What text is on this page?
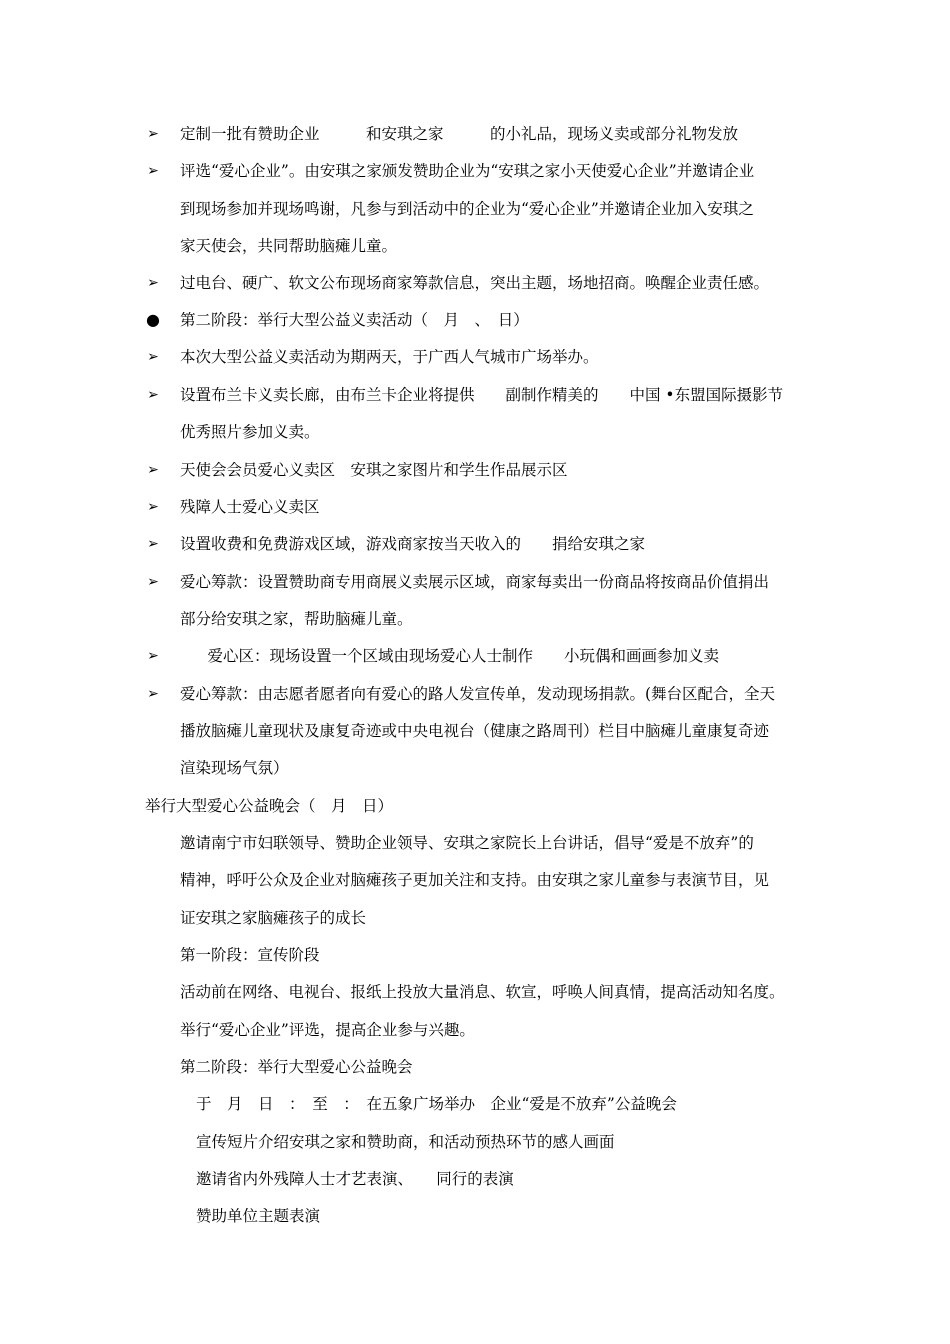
➢
➢
➢
●
➢
➢
➢
➢
➢
➢
➢
➢
定制一批有赞助企业　　　和安琪之家　　　的小礼品，现场义卖或部分礼物发放
评选“爱心企业”。由安琪之家颁发赞助企业为“安琪之家小天使爱心企业”并邀请企业
到现场参加并现场鸣谢，凡参与到活动中的企业为“爱心企业”并邀请企业加入安琪之
家天使会，共同帮助脑瘫儿童。
过电台、硬广、软文公布现场商家筹款信息，突出主题，场地招商。唤醒企业责任感。
第二阶段：举行大型公益义卖活动（　月　、　日）
本次大型公益义卖活动为期两天，于广西人气城市广场举办。
设置布兰卡义卖长廊，由布兰卡企业将提供　　副制作精美的　　中国 •东盟国际摄影节
优秀照片参加义卖。
天使会会员爱心义卖区　安琪之家图片和学生作品展示区
残障人士爱心义卖区
设置收费和免费游戏区域，游戏商家按当天收入的　　捐给安琪之家
爱心筹款：设置赞助商专用商展义卖展示区域，商家每卖出一份商品将按商品价值捐出
部分给安琪之家，帮助脑瘫儿童。
　爱心区：现场设置一个区域由现场爱心人士制作　　小玩偶和画画参加义卖
爱心筹款：由志愿者愿者向有爱心的路人发宣传单，发动现场捐款。(舞台区配合，全天
播放脑瘫儿童现状及康复奇迹或中央电视台（健康之路周刊）栏目中脑瘫儿童康复奇迹
渲染现场气氛）
举行大型爱心公益晚会（　月　日）
邀请南宁市妇联领导、赞助企业领导、安琪之家院长上台讲话，倡导“爱是不放弃”的
精神，呼吁公众及企业对脑瘫孩子更加关注和支持。由安琪之家儿童参与表演节目，见
证安琪之家脑瘫孩子的成长
第一阶段：宣传阶段
活动前在网络、电视台、报纸上投放大量消息、软宣，呼唤人间真情，提高活动知名度。
举行“爱心企业”评选，提高企业参与兴趣。
第二阶段：举行大型爱心公益晚会
于　月　日　：　至　：　在五象广场举办　企业“爱是不放弃”公益晚会
宣传短片介绍安琪之家和赞助商，和活动预热环节的感人画面
邀请省内外残障人士才艺表演、　　同行的表演
赞助单位主题表演
